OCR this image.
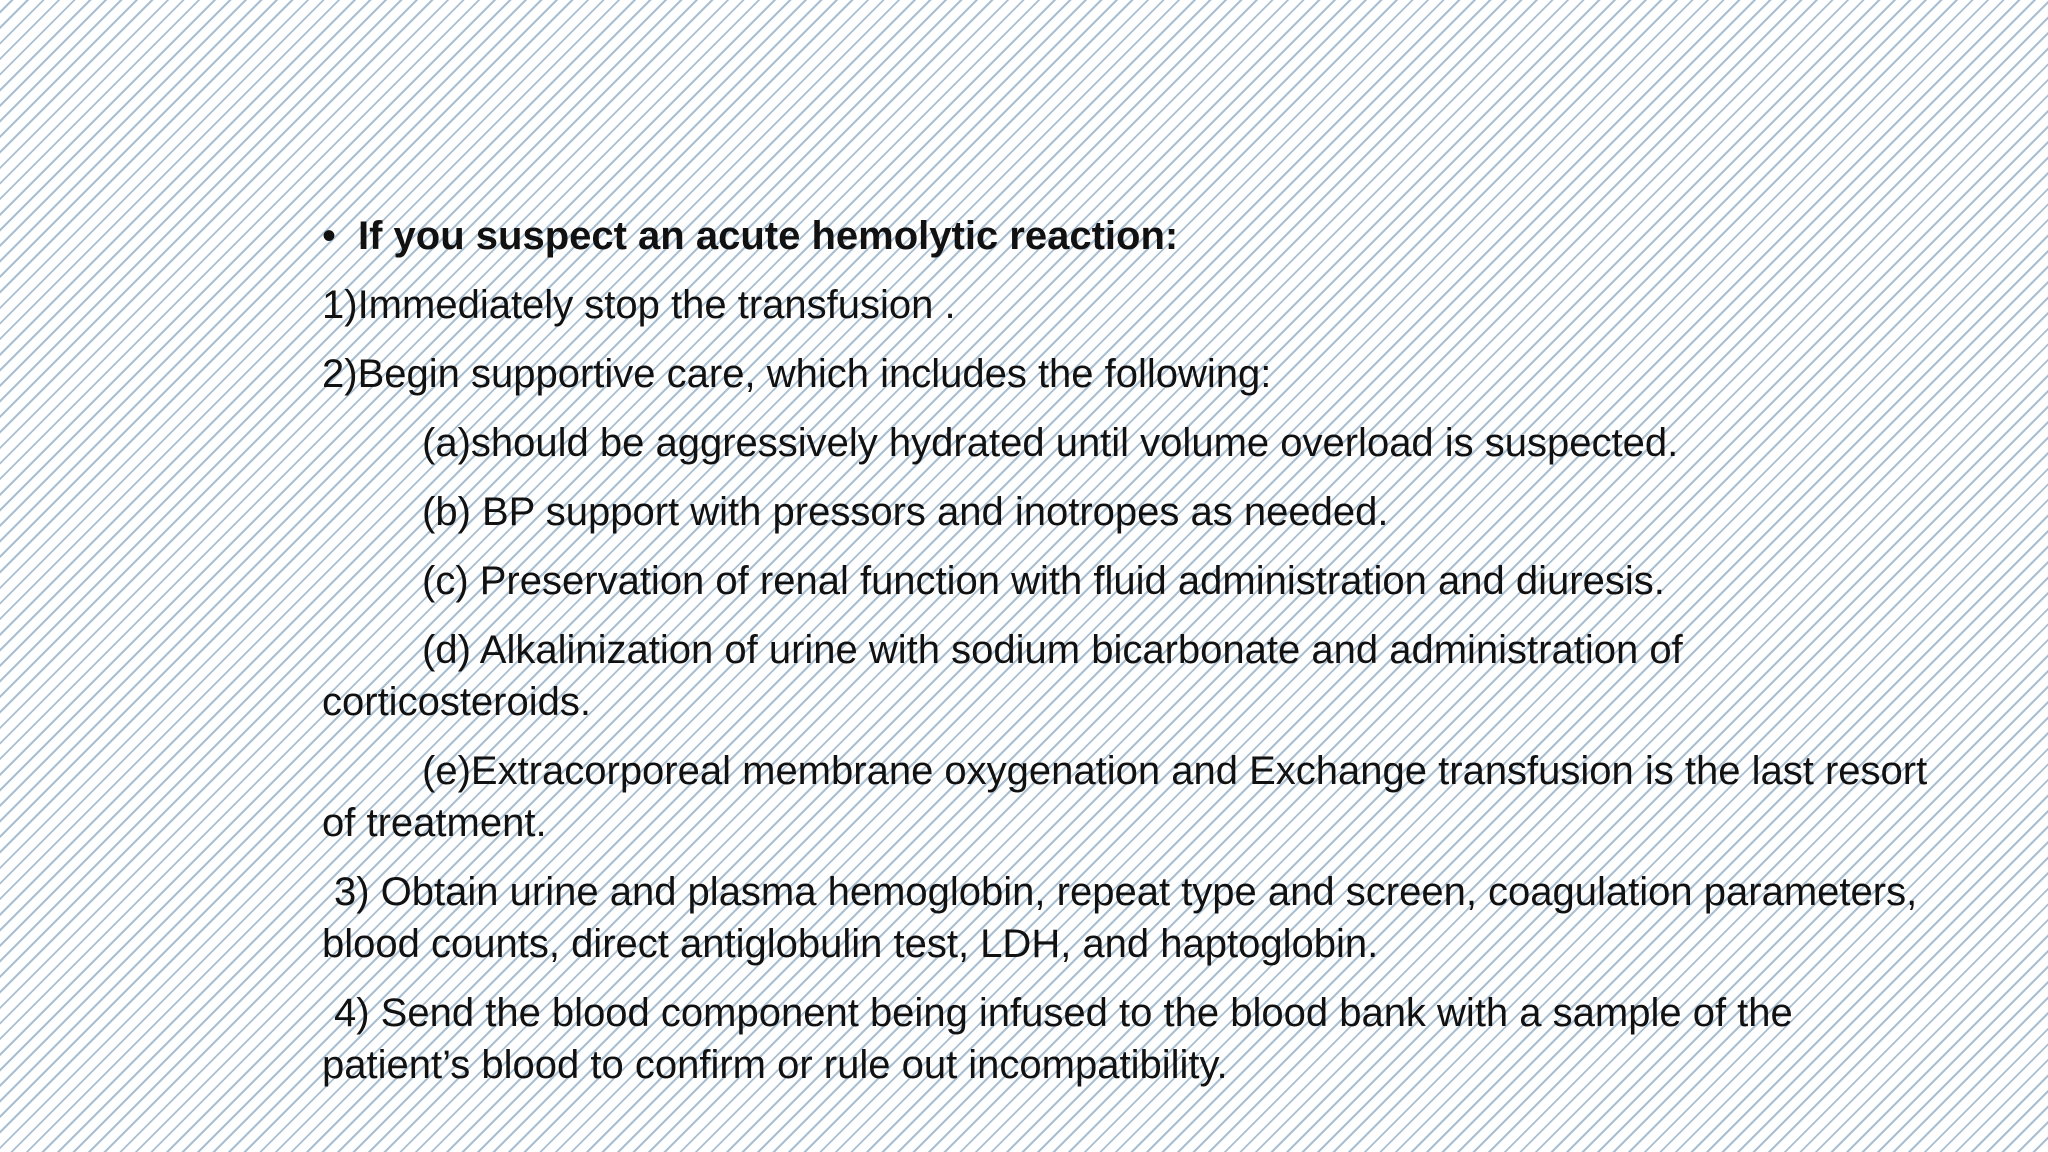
• If you suspect an acute hemolytic reaction:

1)Immediately stop the transfusion .

2)Begin supportive care, which includes the following:

(a)should be aggressively hydrated until volume overload is suspected.

(b) BP support with pressors and inotropes as needed.

(c) Preservation of renal function with fluid administration and diuresis.

(d) Alkalinization of urine with sodium bicarbonate and administration of corticosteroids.

(e)Extracorporeal membrane oxygenation and Exchange transfusion is the last resort of treatment.

3) Obtain urine and plasma hemoglobin, repeat type and screen, coagulation parameters, blood counts, direct antiglobulin test, LDH, and haptoglobin.

4) Send the blood component being infused to the blood bank with a sample of the patient’s blood to confirm or rule out incompatibility.
